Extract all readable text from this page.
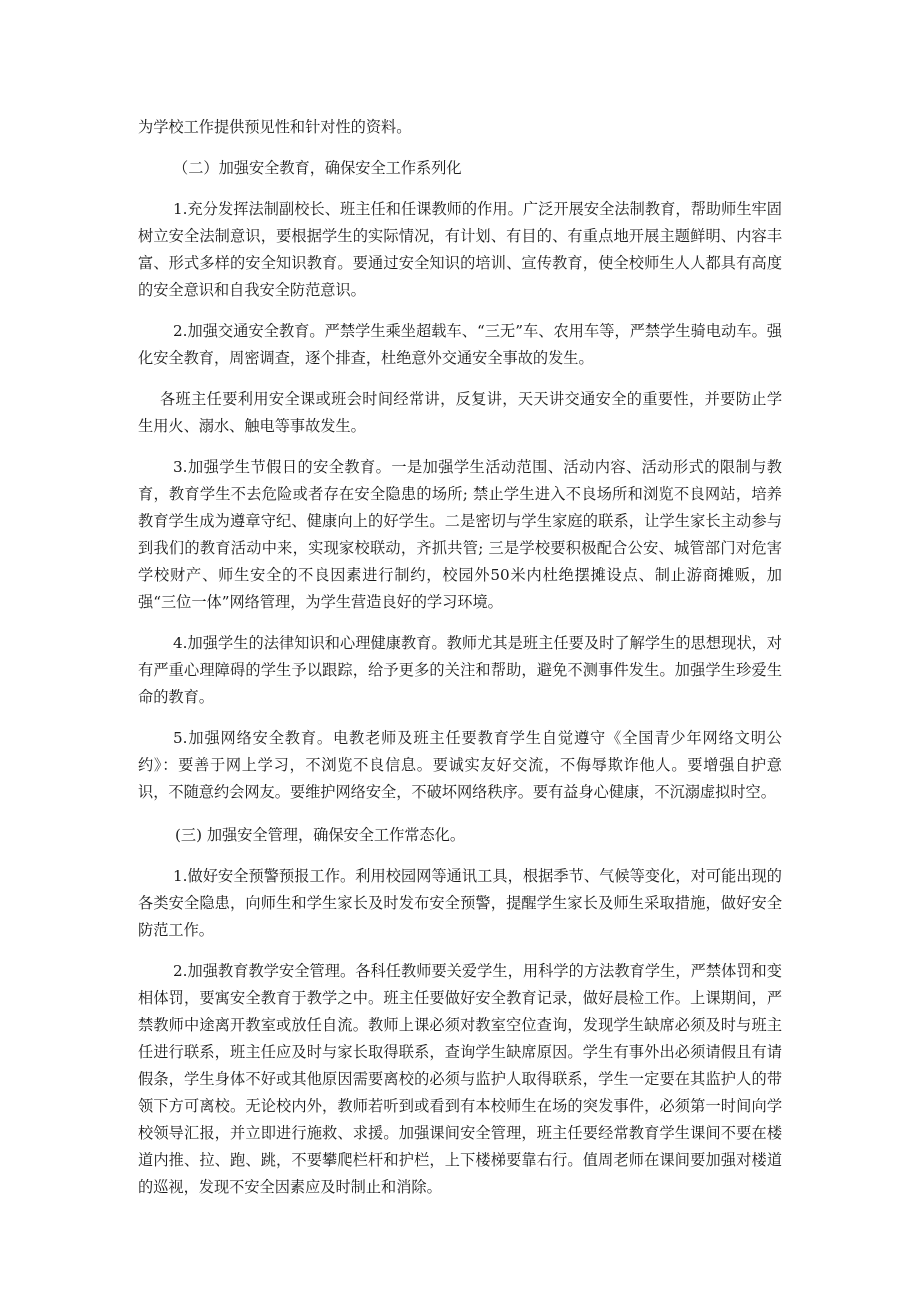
为学校工作提供预见性和针对性的资料。

（二）加强安全教育，确保安全工作系列化

1.充分发挥法制副校长、班主任和任课教师的作用。广泛开展安全法制教育，帮助师生牢固树立安全法制意识，要根据学生的实际情况，有计划、有目的、有重点地开展主题鲜明、内容丰富、形式多样的安全知识教育。要通过安全知识的培训、宣传教育，使全校师生人人都具有高度的安全意识和自我安全防范意识。

2.加强交通安全教育。严禁学生乘坐超载车、“三无”车、农用车等，严禁学生骑电动车。强化安全教育，周密调查，逐个排查，杜绝意外交通安全事故的发生。

各班主任要利用安全课或班会时间经常讲，反复讲，天天讲交通安全的重要性，并要防止学生用火、溺水、触电等事故发生。

3.加强学生节假日的安全教育。一是加强学生活动范围、活动内容、活动形式的限制与教育，教育学生不去危险或者存在安全隐患的场所; 禁止学生进入不良场所和浏览不良网站，培养教育学生成为遵章守纪、健康向上的好学生。二是密切与学生家庭的联系，让学生家长主动参与到我们的教育活动中来，实现家校联动，齐抓共管; 三是学校要积极配合公安、城管部门对危害学校财产、师生安全的不良因素进行制约，校园外50米内杜绝摆摊设点、制止游商摊贩，加强“三位一体”网络管理，为学生营造良好的学习环境。

4.加强学生的法律知识和心理健康教育。教师尤其是班主任要及时了解学生的思想现状，对有严重心理障碍的学生予以跟踪，给予更多的关注和帮助，避免不测事件发生。加强学生珍爱生命的教育。

5.加强网络安全教育。电教老师及班主任要教育学生自觉遵守《全国青少年网络文明公约》：要善于网上学习，不浏览不良信息。要诚实友好交流，不侮辱欺诈他人。要增强自护意识，不随意约会网友。要维护网络安全，不破坏网络秩序。要有益身心健康，不沉溺虚拟时空。

(三) 加强安全管理，确保安全工作常态化。

1.做好安全预警预报工作。利用校园网等通讯工具，根据季节、气候等变化，对可能出现的各类安全隐患，向师生和学生家长及时发布安全预警，提醒学生家长及师生采取措施，做好安全防范工作。

2.加强教育教学安全管理。各科任教师要关爱学生，用科学的方法教育学生，严禁体罚和变相体罚，要寓安全教育于教学之中。班主任要做好安全教育记录，做好晨检工作。上课期间，严禁教师中途离开教室或放任自流。教师上课必须对教室空位查询，发现学生缺席必须及时与班主任进行联系，班主任应及时与家长取得联系，查询学生缺席原因。学生有事外出必须请假且有请假条，学生身体不好或其他原因需要离校的必须与监护人取得联系，学生一定要在其监护人的带领下方可离校。无论校内外，教师若听到或看到有本校师生在场的突发事件，必须第一时间向学校领导汇报，并立即进行施救、求援。加强课间安全管理，班主任要经常教育学生课间不要在楼道内推、拉、跑、跳，不要攀爬栏杆和护栏，上下楼梯要靠右行。值周老师在课间要加强对楼道的巡视，发现不安全因素应及时制止和消除。
